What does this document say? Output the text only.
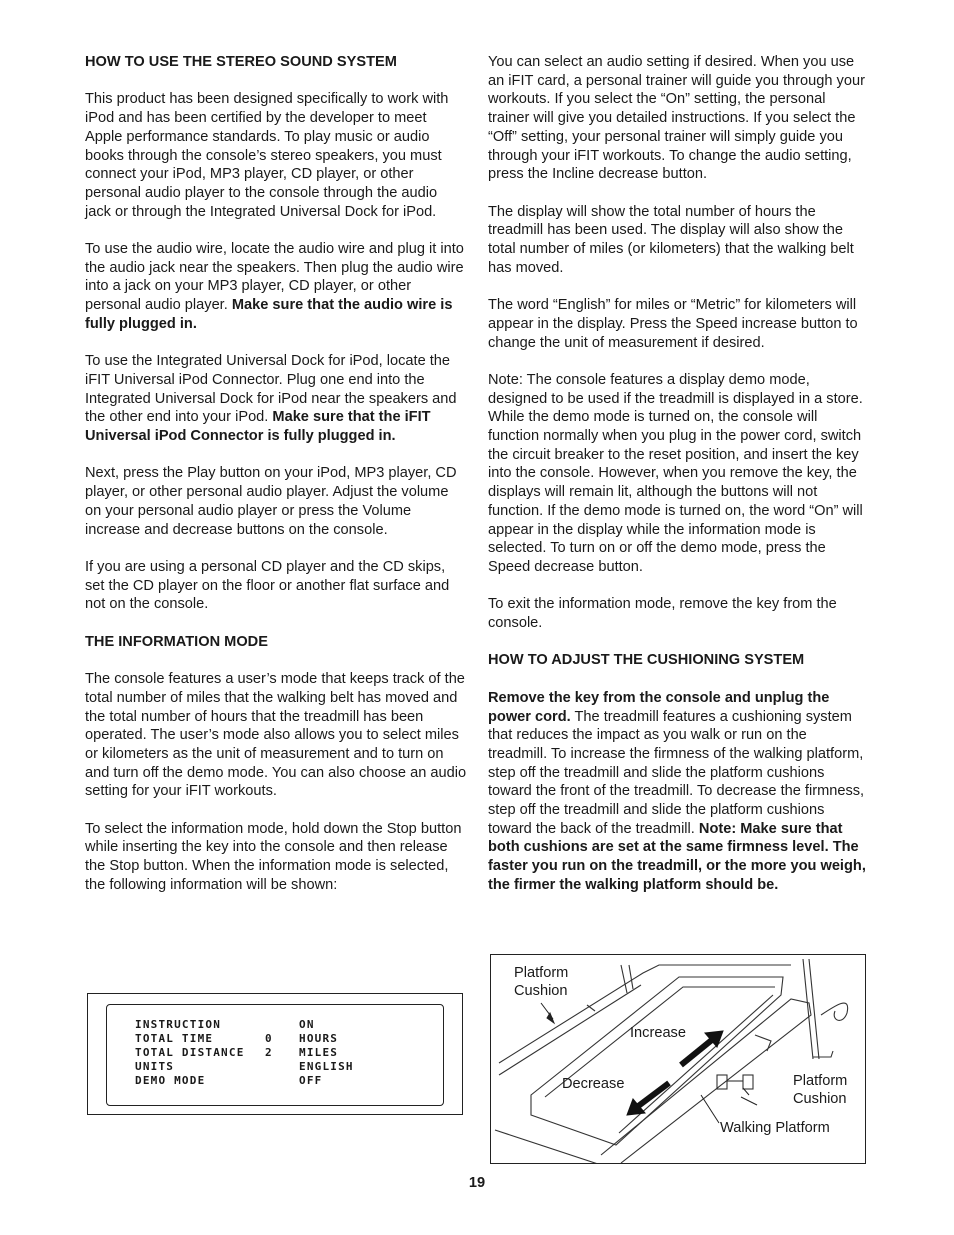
HOW TO USE THE STEREO SOUND SYSTEM

This product has been designed specifically to work with iPod and has been certified by the developer to meet Apple performance standards. To play music or audio books through the console’s stereo speakers, you must connect your iPod, MP3 player, CD player, or other personal audio player to the console through the audio jack or through the Integrated Universal Dock for iPod.

To use the audio wire, locate the audio wire and plug it into the audio jack near the speakers. Then plug the audio wire into a jack on your MP3 player, CD player, or other personal audio player. Make sure that the audio wire is fully plugged in.

To use the Integrated Universal Dock for iPod, locate the iFIT Universal iPod Connector. Plug one end into the Integrated Universal Dock for iPod near the speakers and the other end into your iPod. Make sure that the iFIT Universal iPod Connector is fully plugged in.

Next, press the Play button on your iPod, MP3 player, CD player, or other personal audio player. Adjust the volume on your personal audio player or press the Volume increase and decrease buttons on the console.

If you are using a personal CD player and the CD skips, set the CD player on the floor or another flat surface and not on the console.

THE INFORMATION MODE

The console features a user’s mode that keeps track of the total number of miles that the walking belt has moved and the total number of hours that the treadmill has been operated. The user’s mode also allows you to select miles or kilometers as the unit of measurement and to turn on and turn off the demo mode. You can also choose an audio setting for your iFIT workouts.

To select the information mode, hold down the Stop button while inserting the key into the console and then release the Stop button. When the information mode is selected, the following information will be shown:

INSTRUCTION	ON
TOTAL TIME	0 HOURS
TOTAL DISTANCE 2 MILES
UNITS	ENGLISH
DEMO MODE	OFF

You can select an audio setting if desired. When you use an iFIT card, a personal trainer will guide you through your workouts. If you select the “On” setting, the personal trainer will give you detailed instructions. If you select the “Off” setting, your personal trainer will simply guide you through your iFIT workouts. To change the audio setting, press the Incline decrease button.

The display will show the total number of hours the treadmill has been used. The display will also show the total number of miles (or kilometers) that the walking belt has moved.

The word “English” for miles or “Metric” for kilometers will appear in the display. Press the Speed increase button to change the unit of measurement if desired.

Note: The console features a display demo mode, designed to be used if the treadmill is displayed in a store. While the demo mode is turned on, the console will function normally when you plug in the power cord, switch the circuit breaker to the reset position, and insert the key into the console. However, when you remove the key, the displays will remain lit, although the buttons will not function. If the demo mode is turned on, the word “On” will appear in the display while the information mode is selected. To turn on or off the demo mode, press the Speed decrease button.

To exit the information mode, remove the key from the console.

HOW TO ADJUST THE CUSHIONING SYSTEM

Remove the key from the console and unplug the power cord. The treadmill features a cushioning system that reduces the impact as you walk or run on the treadmill. To increase the firmness of the walking platform, step off the treadmill and slide the platform cushions toward the front of the treadmill. To decrease the firmness, step off the treadmill and slide the platform cushions toward the back of the treadmill. Note: Make sure that both cushions are set at the same firmness level. The faster you run on the treadmill, or the more you weigh, the firmer the walking platform should be.

Platform
Cushion
Increase
Decrease	Platform
Cushion
Walking Platform
19
